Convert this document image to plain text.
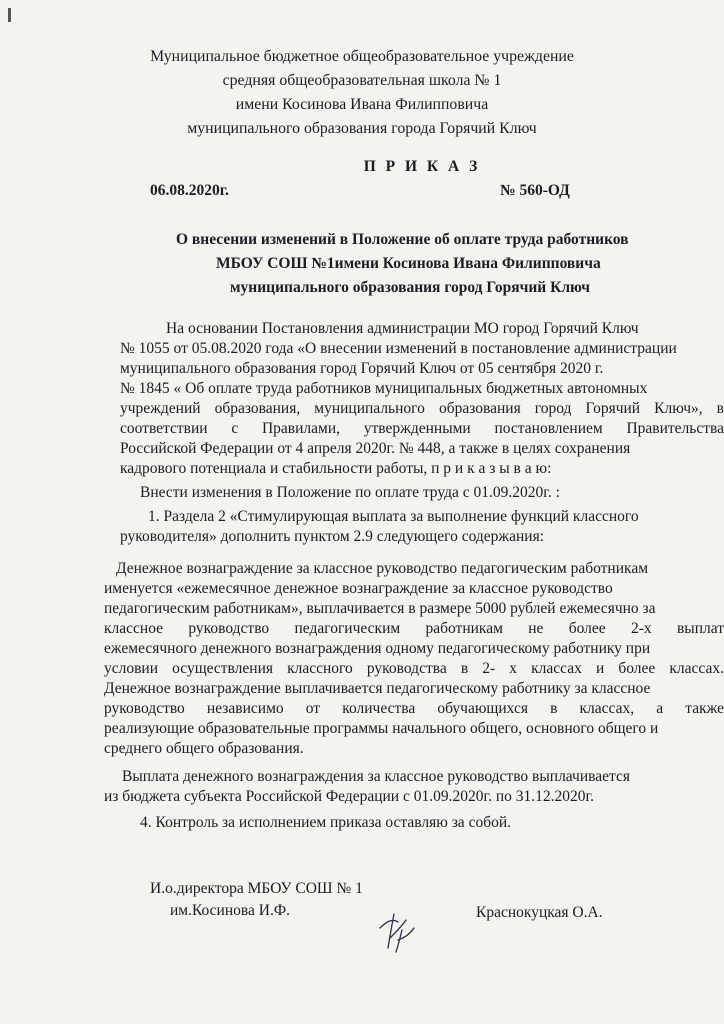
Муниципальное бюджетное общеобразовательное учреждение
средняя общеобразовательная школа № 1
имени Косинова Ивана Филипповича
муниципального образования города Горячий Ключ
П Р И К А З
06.08.2020г.	№ 560-ОД
О внесении изменений в Положение об оплате труда работников
МБОУ СОШ №1имени Косинова Ивана Филипповича
муниципального образования город Горячий Ключ
На основании Постановления администрации МО город Горячий Ключ
№ 1055 от 05.08.2020 года «О внесении изменений в постановление администрации
муниципального образования город Горячий Ключ от 05 сентября 2020 г.
№ 1845 « Об оплате труда работников муниципальных бюджетных автономных
учреждений образования, муниципального образования город Горячий Ключ», в
соответствии с Правилами, утвержденными постановлением Правительства
Российской Федерации от 4 апреля 2020г. № 448, а также в целях сохранения
кадрового потенциала и стабильности работы, п р и к а з ы в а ю:
Внести изменения в Положение по оплате труда с 01.09.2020г. :
1. Раздела 2 «Стимулирующая выплата за выполнение функций классного
руководителя» дополнить пунктом 2.9 следующего содержания:
Денежное вознаграждение за классное руководство педагогическим работникам
именуется «ежемесячное денежное вознаграждение за классное руководство
педагогическим работникам», выплачивается в размере 5000 рублей ежемесячно за
классное руководство педагогическим работникам не более 2-х выплат
ежемесячного денежного вознаграждения одному педагогическому работнику при
условии осуществления классного руководства в 2- х классах и более классах.
Денежное вознаграждение выплачивается педагогическому работнику за классное
руководство независимо от количества обучающихся в классах, а также
реализующие образовательные программы начального общего, основного общего и
среднего общего образования.
Выплата денежного вознаграждения за классное руководство выплачивается
из бюджета субъекта Российской Федерации с 01.09.2020г. по 31.12.2020г.
4. Контроль за исполнением приказа оставляю за собой.
И.о.директора МБОУ СОШ № 1
им.Косинова И.Ф.	Краснокуцкая О.А.
